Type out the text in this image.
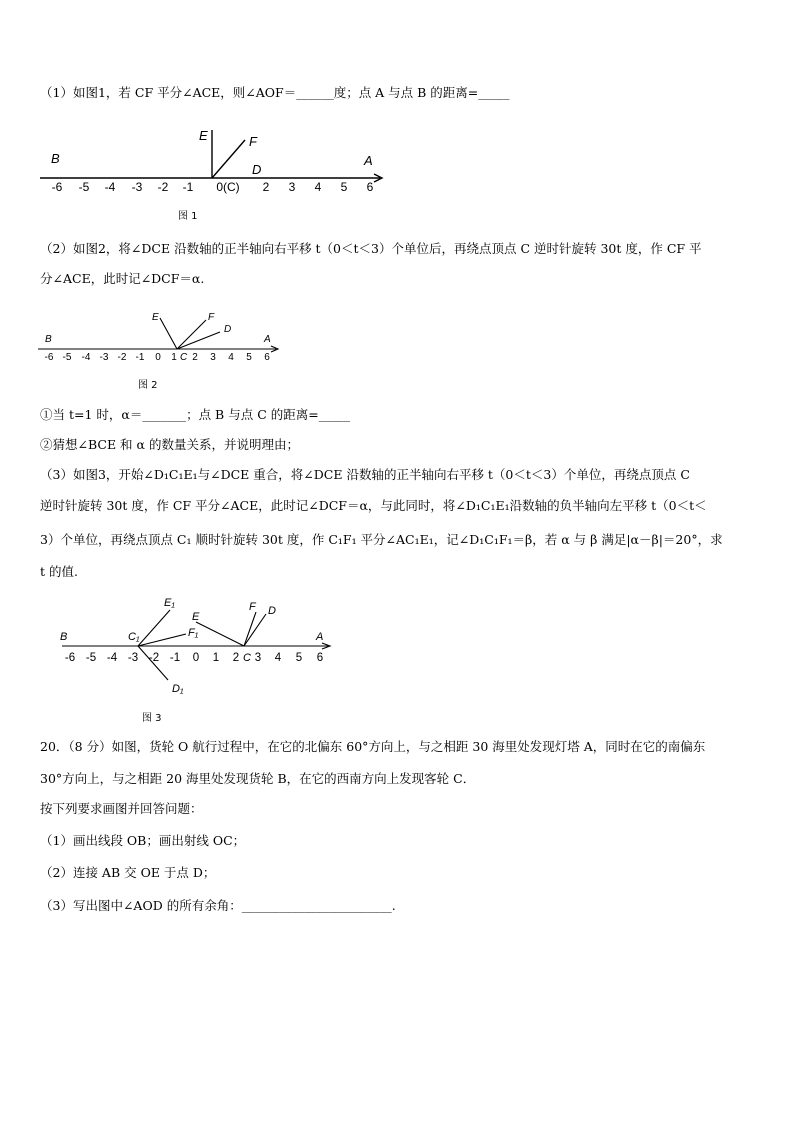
（1）如图1，若 CF 平分∠ACE，则∠AOF＝______度；点 A 与点 B 的距离=_____
-6 -5 -4 -3 -2 -1 0(C) 2 3 4 5 6
B	A
E	F
D
图 1
（2）如图2，将∠DCE 沿数轴的正半轴向右平移 t（0＜t＜3）个单位后，再绕点顶点 C 逆时针旋转 30t 度，作 CF 平
分∠ACE，此时记∠DCF＝α.
-6 -5 -4 -3 -2 -1 0 1 2 3 4 5 6
B	A
E	F
D
C
图 2
①当 t=1 时，α＝_______；点 B 与点 C 的距离=_____
②猜想∠BCE 和 α 的数量关系，并说明理由；
（3）如图3，开始∠D₁C₁E₁与∠DCE 重合，将∠DCE 沿数轴的正半轴向右平移 t（0＜t＜3）个单位，再绕点顶点 C
逆时针旋转 30t 度，作 CF 平分∠ACE，此时记∠DCF＝α，与此同时，将∠D₁C₁E₁沿数轴的负半轴向左平移 t（0＜t＜
3）个单位，再绕点顶点 C₁ 顺时针旋转 30t 度，作 C₁F₁ 平分∠AC₁E₁，记∠D₁C₁F₁＝β，若 α 与 β 满足|α－β|＝20°，求
t 的值.
-6 -5 -4 -3 -2 -1 0 1 2 3 4 5 6
B	A
E
F D
C
C₁
E₁
F₁
D₁
图 3
20．（8 分）如图，货轮 O 航行过程中，在它的北偏东 60°方向上，与之相距 30 海里处发现灯塔 A，同时在它的南偏东
30°方向上，与之相距 20 海里处发现货轮 B，在它的西南方向上发现客轮 C．
按下列要求画图并回答问题：
（1）画出线段 OB；画出射线 OC；
（2）连接 AB 交 OE 于点 D；
（3）写出图中∠AOD 的所有余角：________________________.
